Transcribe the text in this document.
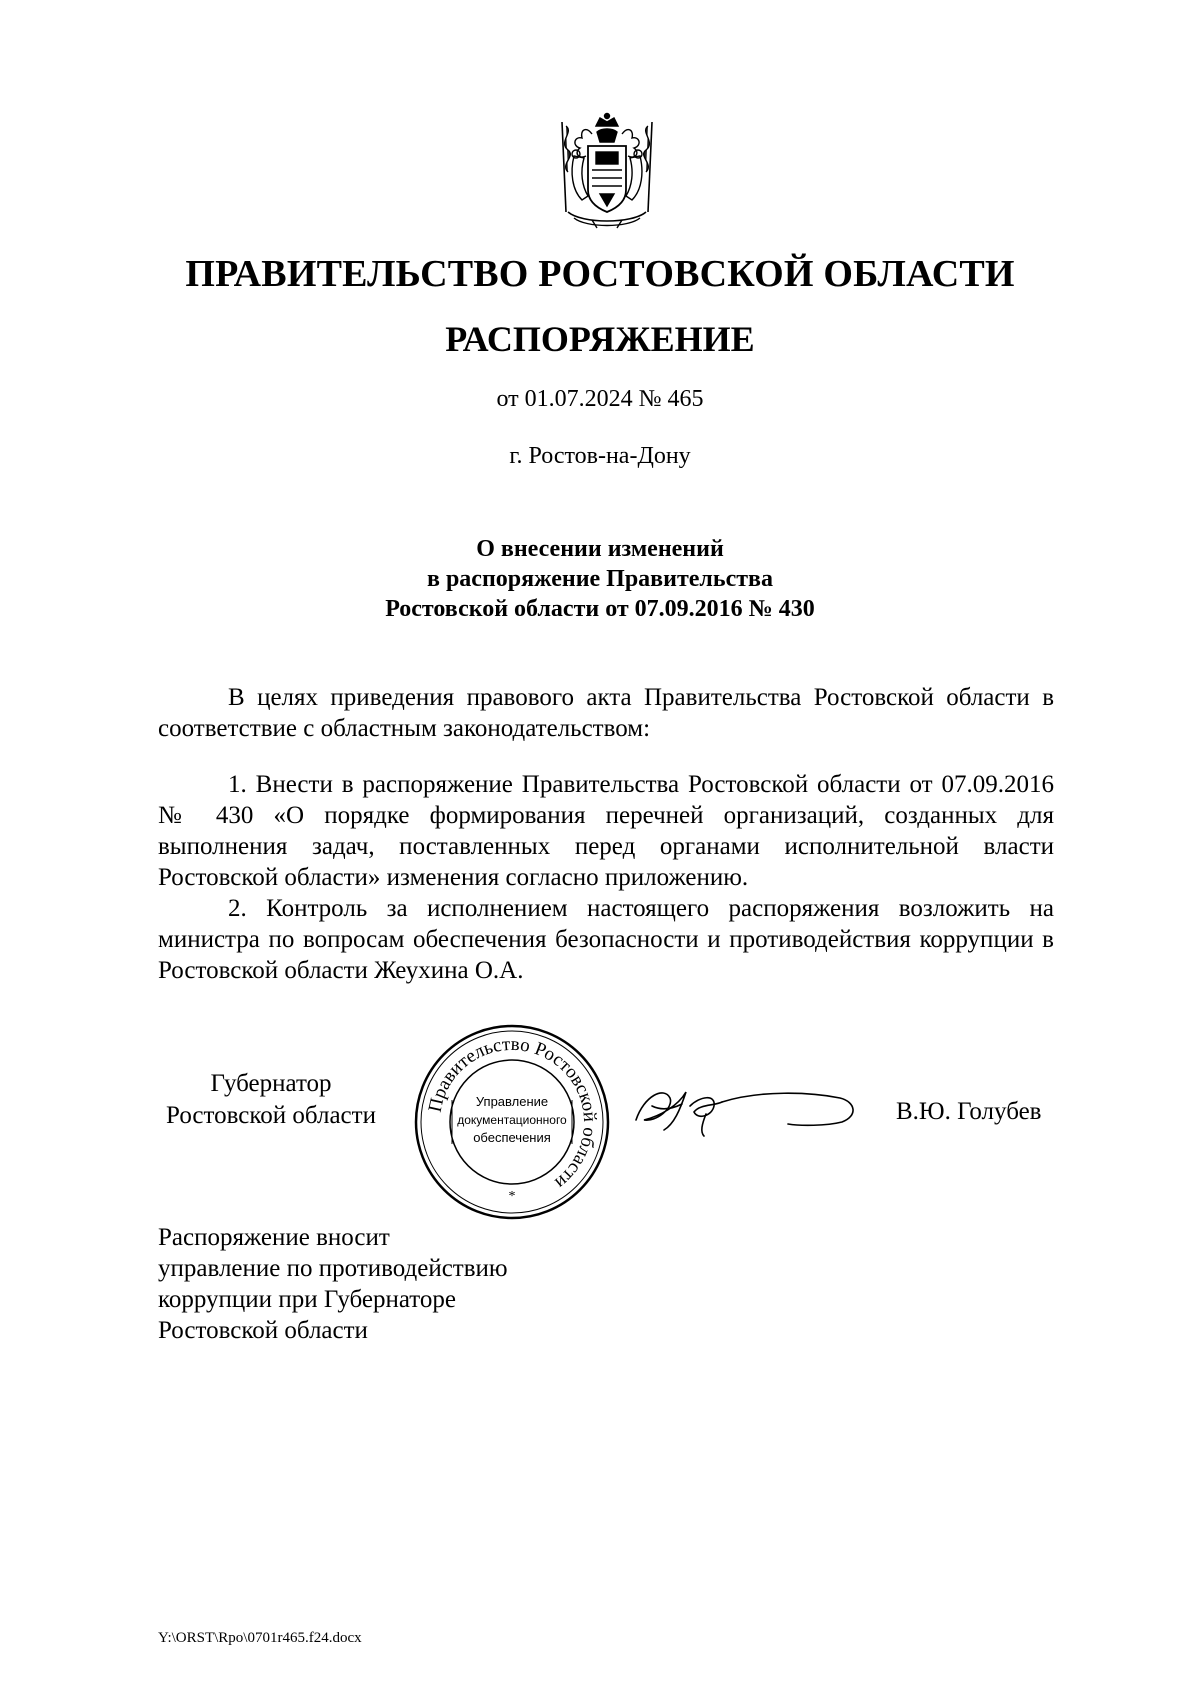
ПРАВИТЕЛЬСТВО РОСТОВСКОЙ ОБЛАСТИ
РАСПОРЯЖЕНИЕ
от 01.07.2024 № 465
г. Ростов-на-Дону
О внесении изменений
в распоряжение Правительства
Ростовской области от 07.09.2016 № 430
В целях приведения правового акта Правительства Ростовской области в соответствие с областным законодательством:
1. Внести в распоряжение Правительства Ростовской области от 07.09.2016 № 430 «О порядке формирования перечней организаций, созданных для выполнения задач, поставленных перед органами исполнительной власти Ростовской области» изменения согласно приложению.
2. Контроль за исполнением настоящего распоряжения возложить на министра по вопросам обеспечения безопасности и противодействия коррупции в Ростовской области Жеухина О.А.
Губернатор
Ростовской области	Правительство Ростовской области
*
Управление
документационного
обеспечения
В.Ю. Голубев
Распоряжение вносит
управление по противодействию
коррупции при Губернаторе
Ростовской области
Y:\ORST\Rpo\0701r465.f24.docx
